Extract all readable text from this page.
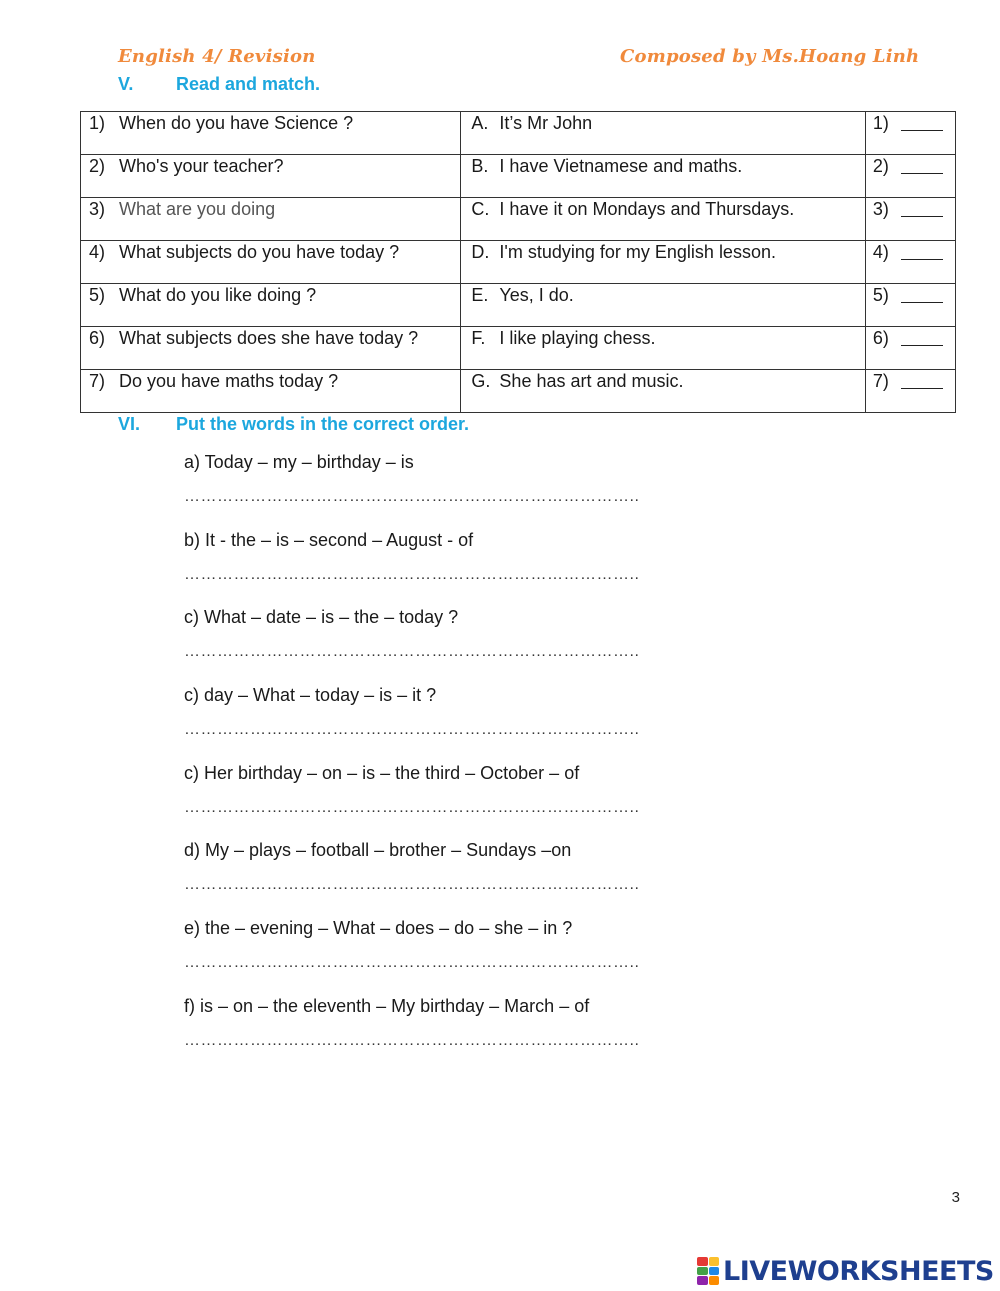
English 4/ Revision	Composed by Ms.Hoang Linh
V. Read and match.
1) When do you have Science ?	A. It’s Mr John	1)

2) Who's your teacher?	B. I have Vietnamese and maths.	2)

3) What are you doing	C. I have it on Mondays and Thursdays.	3)

4) What subjects do you have today ?	D. I'm studying for my English lesson.	4)

5) What do you like doing ?	E. Yes, I do.	5)

6) What subjects does she have today ?	F. I like playing chess.	6)

7) Do you have maths today ?	G. She has art and music.	7)
VI. Put the words in the correct order.
a) Today – my – birthday – is
………………………………………………………………………..
b) It - the – is – second – August - of
………………………………………………………………………..
c) What – date – is – the – today ?
………………………………………………………………………..
c) day – What – today – is – it ?
………………………………………………………………………..
c) Her birthday – on – is – the third – October – of
………………………………………………………………………..
d) My – plays – football – brother – Sundays –on
………………………………………………………………………..
e) the – evening – What – does – do – she – in ?
………………………………………………………………………..
f) is – on – the eleventh – My birthday – March – of
………………………………………………………………………..
3
LIVEWORKSHEETS
